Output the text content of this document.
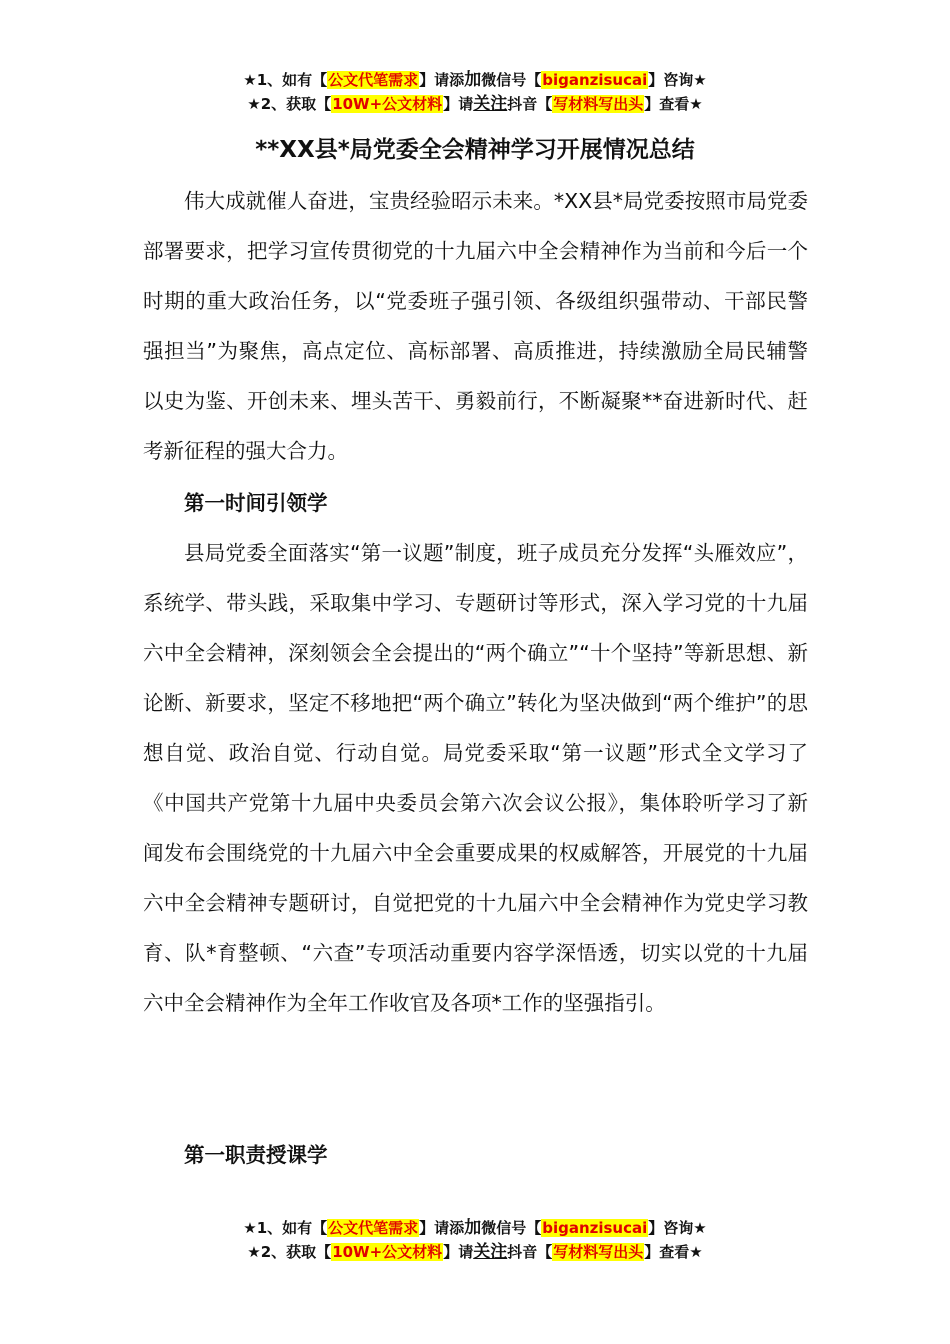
★1、如有【公文代笔需求】请添加微信号【biganzisucai】咨询★
★2、获取【10W+公文材料】请关注抖音【写材料写出头】查看★
**XX县*局党委全会精神学习开展情况总结

伟大成就催人奋进，宝贵经验昭示未来。*XX县*局党委按照市局党委部署要求，把学习宣传贯彻党的十九届六中全会精神作为当前和今后一个时期的重大政治任务，以“党委班子强引领、各级组织强带动、干部民警强担当”为聚焦，高点定位、高标部署、高质推进，持续激励全局民辅警以史为鉴、开创未来、埋头苦干、勇毅前行，不断凝聚**奋进新时代、赶考新征程的强大合力。

第一时间引领学

县局党委全面落实“第一议题”制度，班子成员充分发挥“头雁效应”，系统学、带头践，采取集中学习、专题研讨等形式，深入学习党的十九届六中全会精神，深刻领会全会提出的“两个确立”“十个坚持”等新思想、新论断、新要求，坚定不移地把“两个确立”转化为坚决做到“两个维护”的思想自觉、政治自觉、行动自觉。局党委采取“第一议题”形式全文学习了《中国共产党第十九届中央委员会第六次会议公报》，集体聆听学习了新闻发布会围绕党的十九届六中全会重要成果的权威解答，开展党的十九届六中全会精神专题研讨，自觉把党的十九届六中全会精神作为党史学习教育、队*育整顿、“六查”专项活动重要内容学深悟透，切实以党的十九届六中全会精神作为全年工作收官及各项*工作的坚强指引。

第一职责授课学

★1、如有【公文代笔需求】请添加微信号【biganzisucai】咨询★
★2、获取【10W+公文材料】请关注抖音【写材料写出头】查看★
